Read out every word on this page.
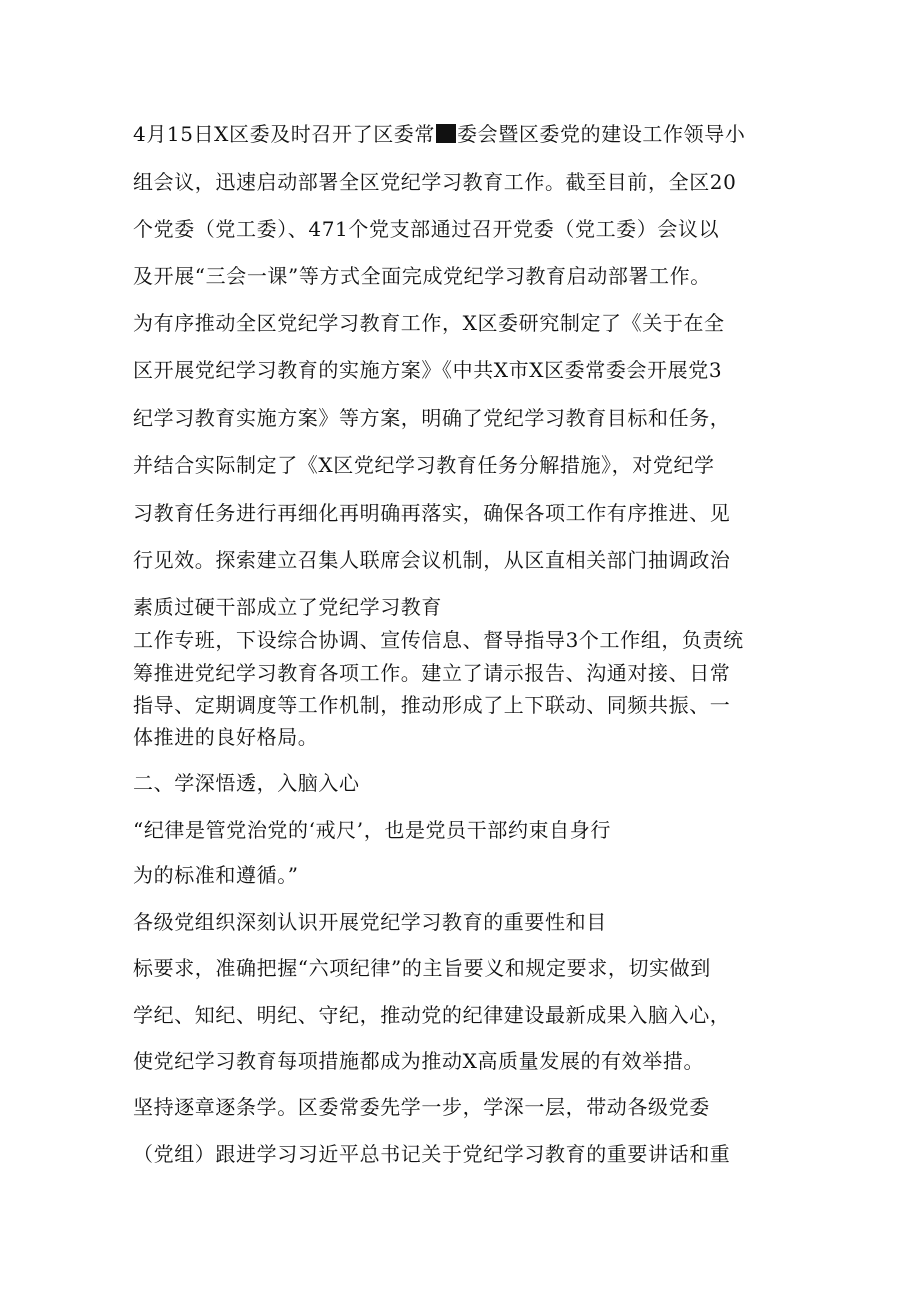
4月15日X区委及时召开了区委常 委会暨区委党的建设工作领导小
组会议，迅速启动部署全区党纪学习教育工作。截至目前，全区20
个党委（党工委）、471个党支部通过召开党委（党工委）会议以
及开展“三会一课”等方式全面完成党纪学习教育启动部署工作。
为有序推动全区党纪学习教育工作，X区委研究制定了《关于在全
区开展党纪学习教育的实施方案》《中共X市X区委常委会开展党3
纪学习教育实施方案》等方案，明确了党纪学习教育目标和任务，
并结合实际制定了《X区党纪学习教育任务分解措施》，对党纪学
习教育任务进行再细化再明确再落实，确保各项工作有序推进、见
行见效。探索建立召集人联席会议机制，从区直相关部门抽调政治
素质过硬干部成立了党纪学习教育
工作专班，下设综合协调、宣传信息、督导指导3个工作组，负责统
筹推进党纪学习教育各项工作。建立了请示报告、沟通对接、日常
指导、定期调度等工作机制，推动形成了上下联动、同频共振、一
体推进的良好格局。
二、学深悟透，入脑入心
“纪律是管党治党的‘戒尺’，也是党员干部约束自身行
为的标准和遵循。”
各级党组织深刻认识开展党纪学习教育的重要性和目
标要求，准确把握“六项纪律”的主旨要义和规定要求，切实做到
学纪、知纪、明纪、守纪，推动党的纪律建设最新成果入脑入心，
使党纪学习教育每项措施都成为推动X高质量发展的有效举措。
坚持逐章逐条学。区委常委先学一步，学深一层，带动各级党委
（党组）跟进学习习近平总书记关于党纪学习教育的重要讲话和重
